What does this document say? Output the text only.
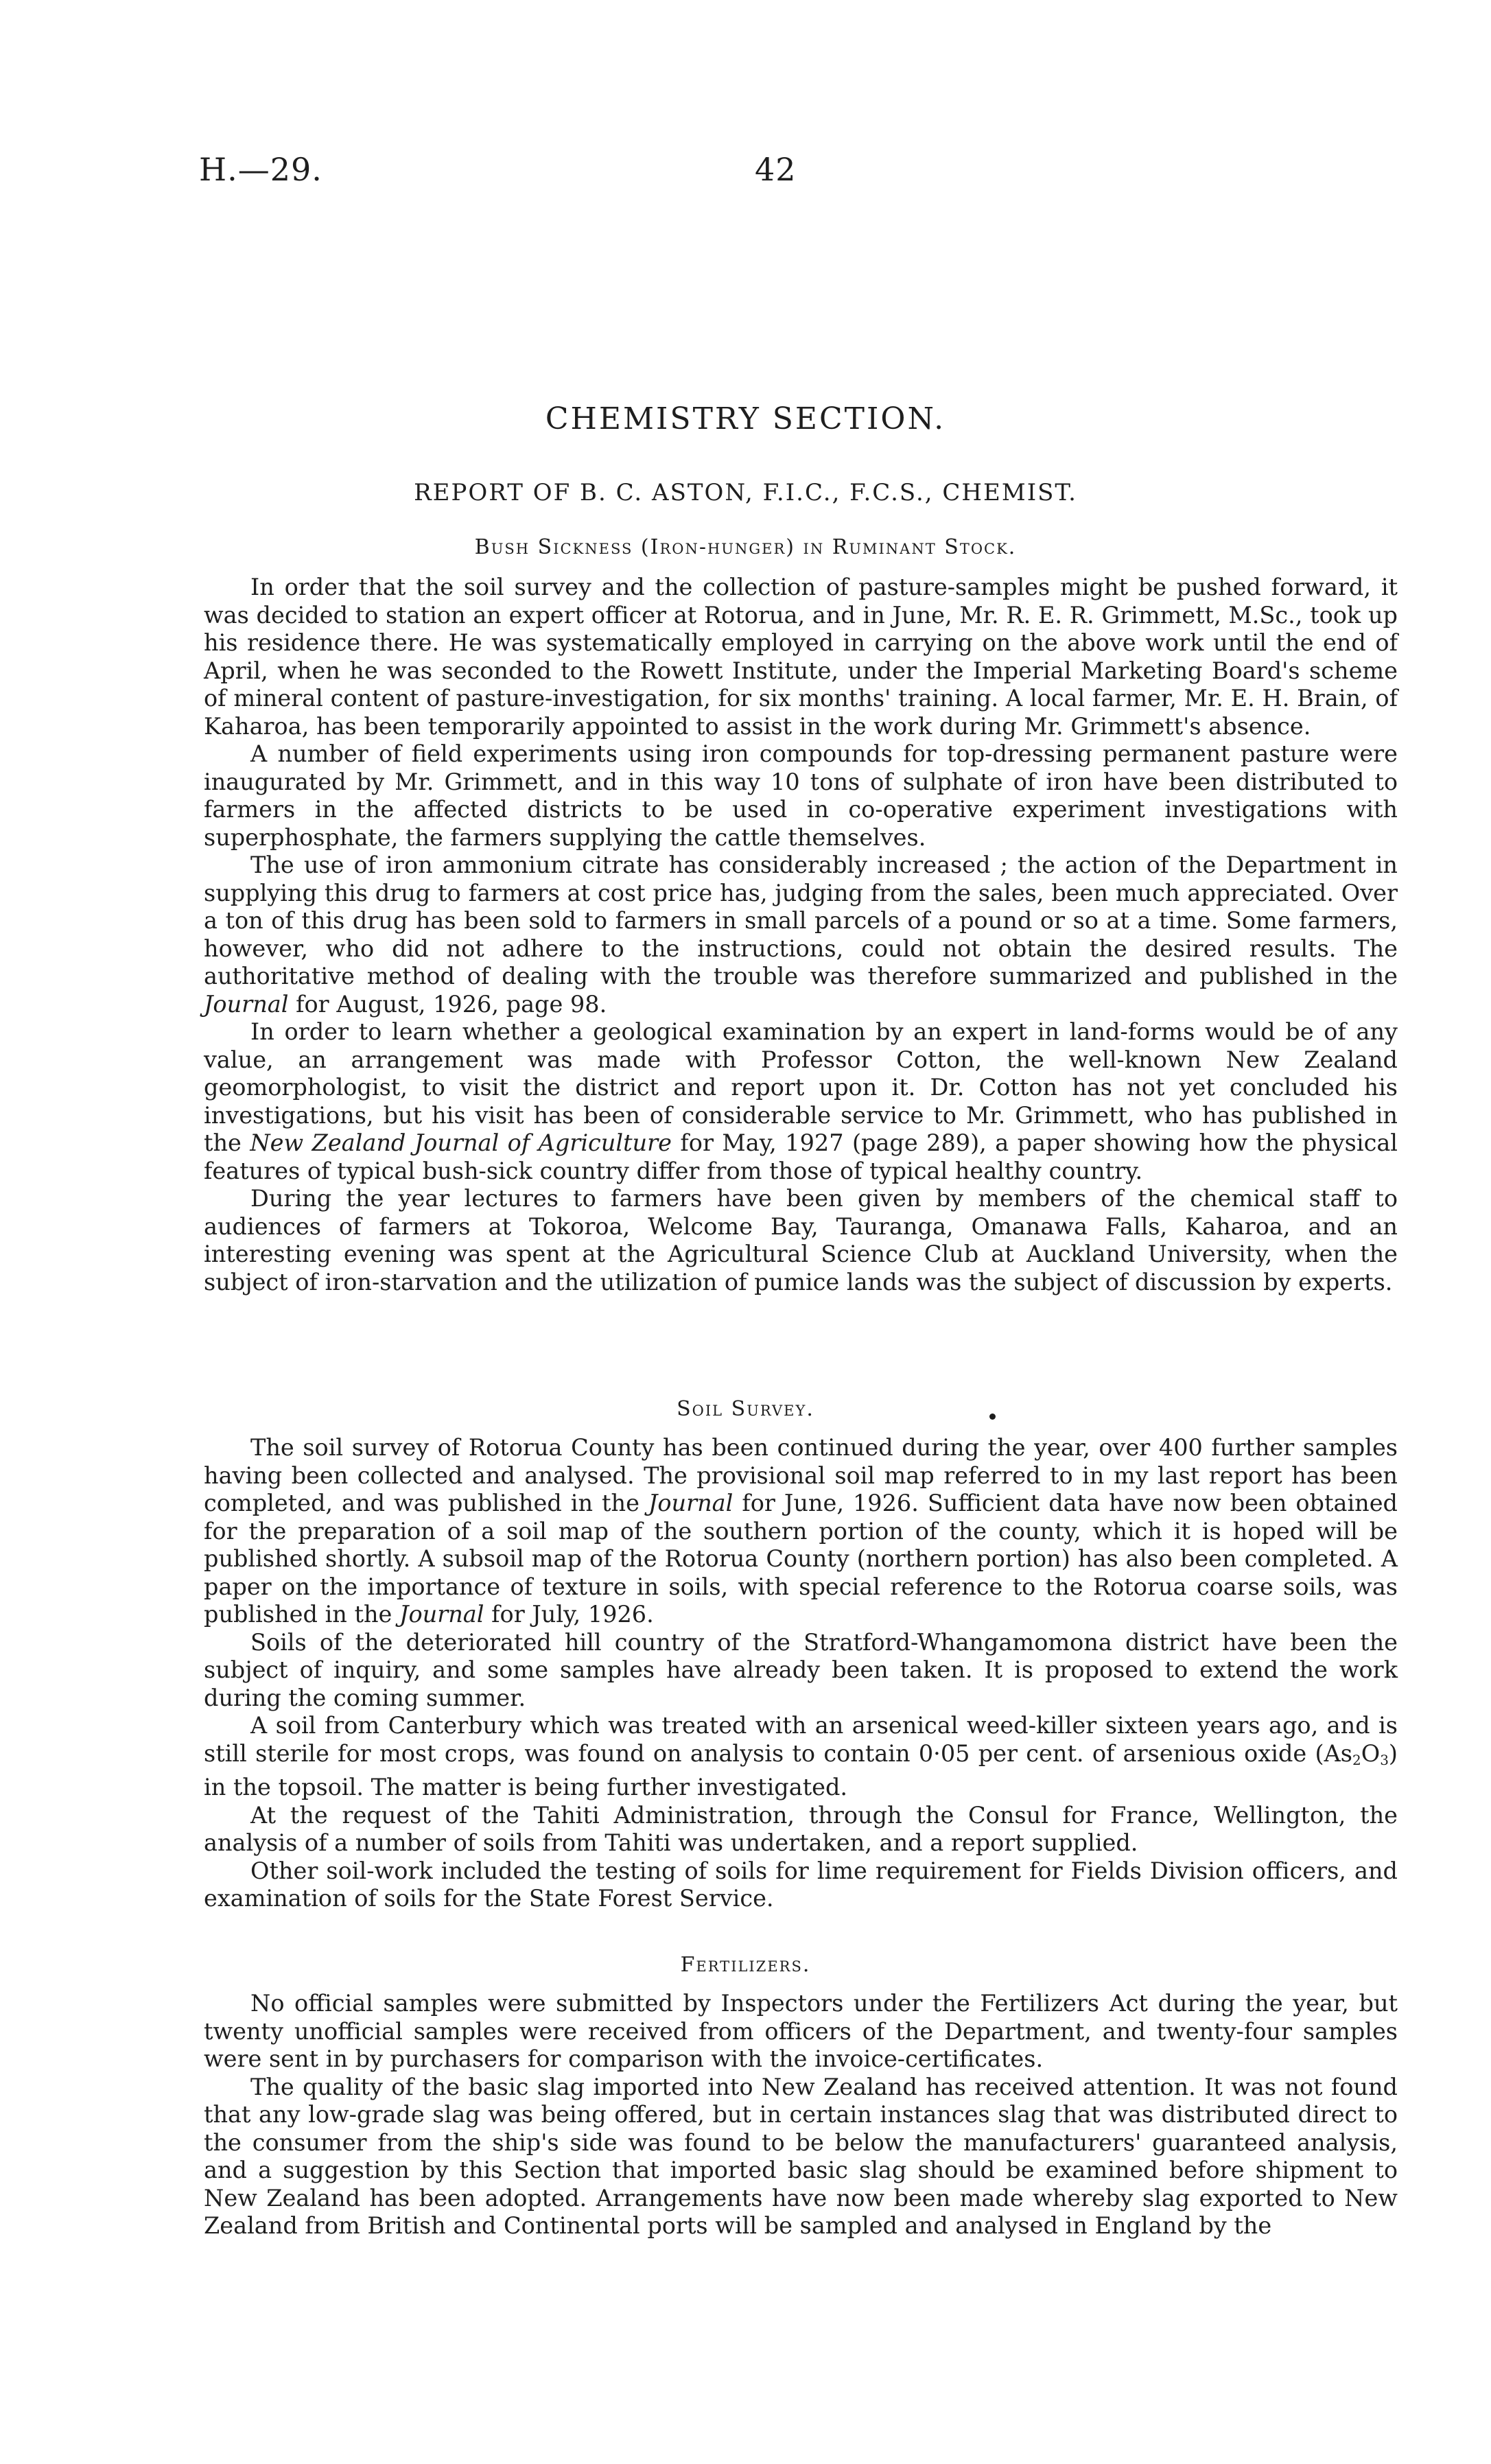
H.—29.	42
CHEMISTRY SECTION.
REPORT OF B. C. ASTON, F.I.C., F.C.S., CHEMIST.
Bush Sickness (Iron-hunger) in Ruminant Stock.

In order that the soil survey and the collection of pasture-samples might be pushed forward, it was decided to station an expert officer at Rotorua, and in June, Mr. R. E. R. Grimmett, M.Sc., took up his residence there. He was systematically employed in carrying on the above work until the end of April, when he was seconded to the Rowett Institute, under the Imperial Marketing Board's scheme of mineral content of pasture-investigation, for six months' training. A local farmer, Mr. E. H. Brain, of Kaharoa, has been temporarily appointed to assist in the work during Mr. Grimmett's absence.

A number of field experiments using iron compounds for top-dressing permanent pasture were inaugurated by Mr. Grimmett, and in this way 10 tons of sulphate of iron have been distributed to farmers in the affected districts to be used in co-operative experiment investigations with superphosphate, the farmers supplying the cattle themselves.

The use of iron ammonium citrate has considerably increased ; the action of the Department in supplying this drug to farmers at cost price has, judging from the sales, been much appreciated. Over a ton of this drug has been sold to farmers in small parcels of a pound or so at a time. Some farmers, however, who did not adhere to the instructions, could not obtain the desired results. The authoritative method of dealing with the trouble was therefore summarized and published in the Journal for August, 1926, page 98.

In order to learn whether a geological examination by an expert in land-forms would be of any value, an arrangement was made with Professor Cotton, the well-known New Zealand geomorphologist, to visit the district and report upon it. Dr. Cotton has not yet concluded his investigations, but his visit has been of considerable service to Mr. Grimmett, who has published in the New Zealand Journal of Agriculture for May, 1927 (page 289), a paper showing how the physical features of typical bush-sick country differ from those of typical healthy country.

During the year lectures to farmers have been given by members of the chemical staff to audiences of farmers at Tokoroa, Welcome Bay, Tauranga, Omanawa Falls, Kaharoa, and an interesting evening was spent at the Agricultural Science Club at Auckland University, when the subject of iron-starvation and the utilization of pumice lands was the subject of discussion by experts.

Soil Survey.

The soil survey of Rotorua County has been continued during the year, over 400 further samples having been collected and analysed. The provisional soil map referred to in my last report has been completed, and was published in the Journal for June, 1926. Sufficient data have now been obtained for the preparation of a soil map of the southern portion of the county, which it is hoped will be published shortly. A subsoil map of the Rotorua County (northern portion) has also been completed. A paper on the importance of texture in soils, with special reference to the Rotorua coarse soils, was published in the Journal for July, 1926.

Soils of the deteriorated hill country of the Stratford-Whangamomona district have been the subject of inquiry, and some samples have already been taken. It is proposed to extend the work during the coming summer.

A soil from Canterbury which was treated with an arsenical weed-killer sixteen years ago, and is still sterile for most crops, was found on analysis to contain 0·05 per cent. of arsenious oxide $(As_2O_3)$ in the topsoil. The matter is being further investigated.

At the request of the Tahiti Administration, through the Consul for France, Wellington, the analysis of a number of soils from Tahiti was undertaken, and a report supplied.

Other soil-work included the testing of soils for lime requirement for Fields Division officers, and examination of soils for the State Forest Service.

Fertilizers.

No official samples were submitted by Inspectors under the Fertilizers Act during the year, but twenty unofficial samples were received from officers of the Department, and twenty-four samples were sent in by purchasers for comparison with the invoice-certificates.

The quality of the basic slag imported into New Zealand has received attention. It was not found that any low-grade slag was being offered, but in certain instances slag that was distributed direct to the consumer from the ship's side was found to be below the manufacturers' guaranteed analysis, and a suggestion by this Section that imported basic slag should be examined before shipment to New Zealand has been adopted. Arrangements have now been made whereby slag exported to New Zealand from British and Continental ports will be sampled and analysed in England by the
